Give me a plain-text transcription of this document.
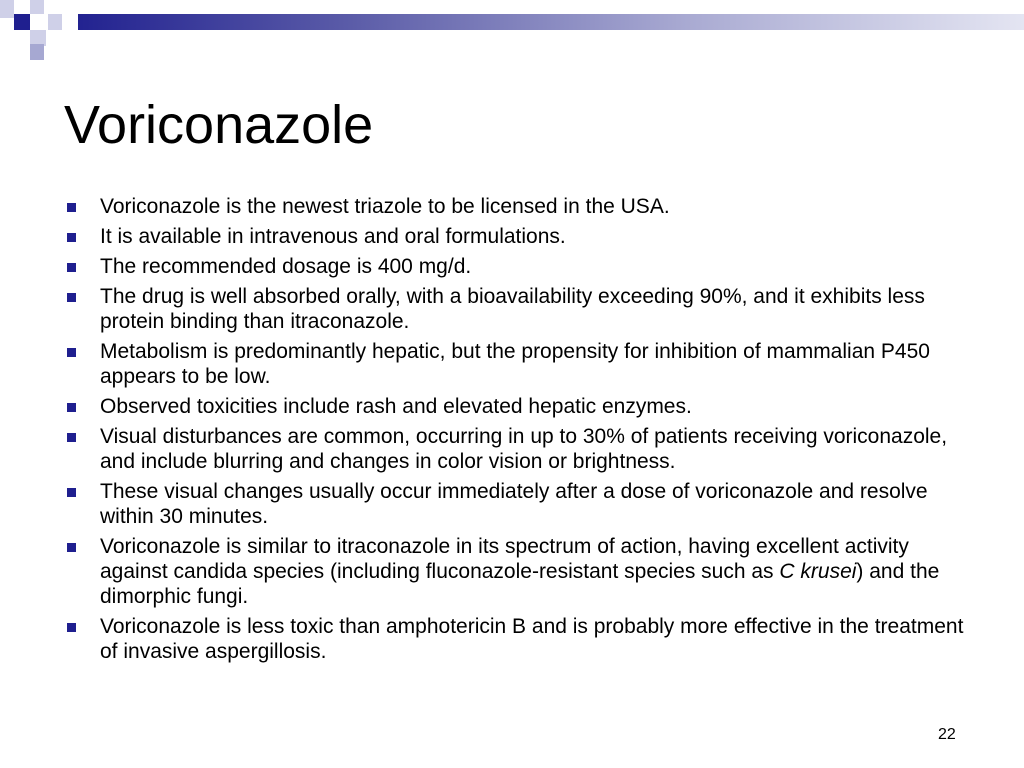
Voriconazole
Voriconazole is the newest triazole to be licensed in the USA.
It is available in intravenous and oral formulations.
The recommended dosage is 400 mg/d.
The drug is well absorbed orally, with a bioavailability exceeding 90%, and it exhibits less protein binding than itraconazole.
Metabolism is predominantly hepatic, but the propensity for inhibition of mammalian P450 appears to be low.
Observed toxicities include rash and elevated hepatic enzymes.
Visual disturbances are common, occurring in up to 30% of patients receiving voriconazole, and include blurring and changes in color vision or brightness.
These visual changes usually occur immediately after a dose of voriconazole and resolve within 30 minutes.
Voriconazole is similar to itraconazole in its spectrum of action, having excellent activity against candida species (including fluconazole-resistant species such as C krusei) and the dimorphic fungi.
Voriconazole is less toxic than amphotericin B and is probably more effective in the treatment of invasive aspergillosis.
22
